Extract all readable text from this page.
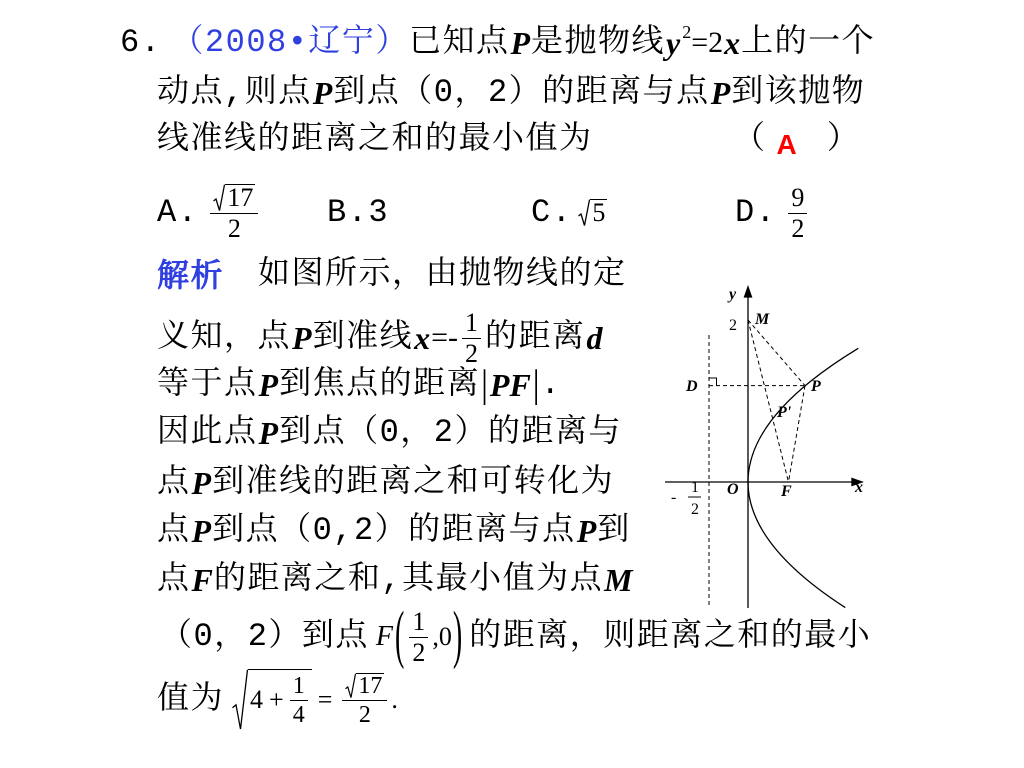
6. （2008•辽宁） 已知点 P 是抛物线 y 2 =2 x 上的一个
动点,则点 P 到点（0，2）的距离与点 P 到该抛物
线准线的距离之和的最小值为	（ A ）
A. $\frac{17}{2} B.3$	C. 5	D. $\frac{9}{2}$
解析 如图所示，由抛物线的定
义知，点 P 到准线 $x =- \frac{1}{2}$ 的距离 d
等于点 P 到焦点的距离 | PF | .
因此点 P 到点（0，2）的距离与
点 P 到准线的距离之和可转化为
点 P 到点（0,2）的距离与点 P 到
点 F 的距离之和,其最小值为点 M
（0，2）到点 F ( $\frac{1}{2} ,0$ ) 的距离，则距离之和的最小
值为 $4 + \frac{1}{4} = \frac{17}{2}$ .
y
2 M
D	P
P'
O	F	x
-
1
2
